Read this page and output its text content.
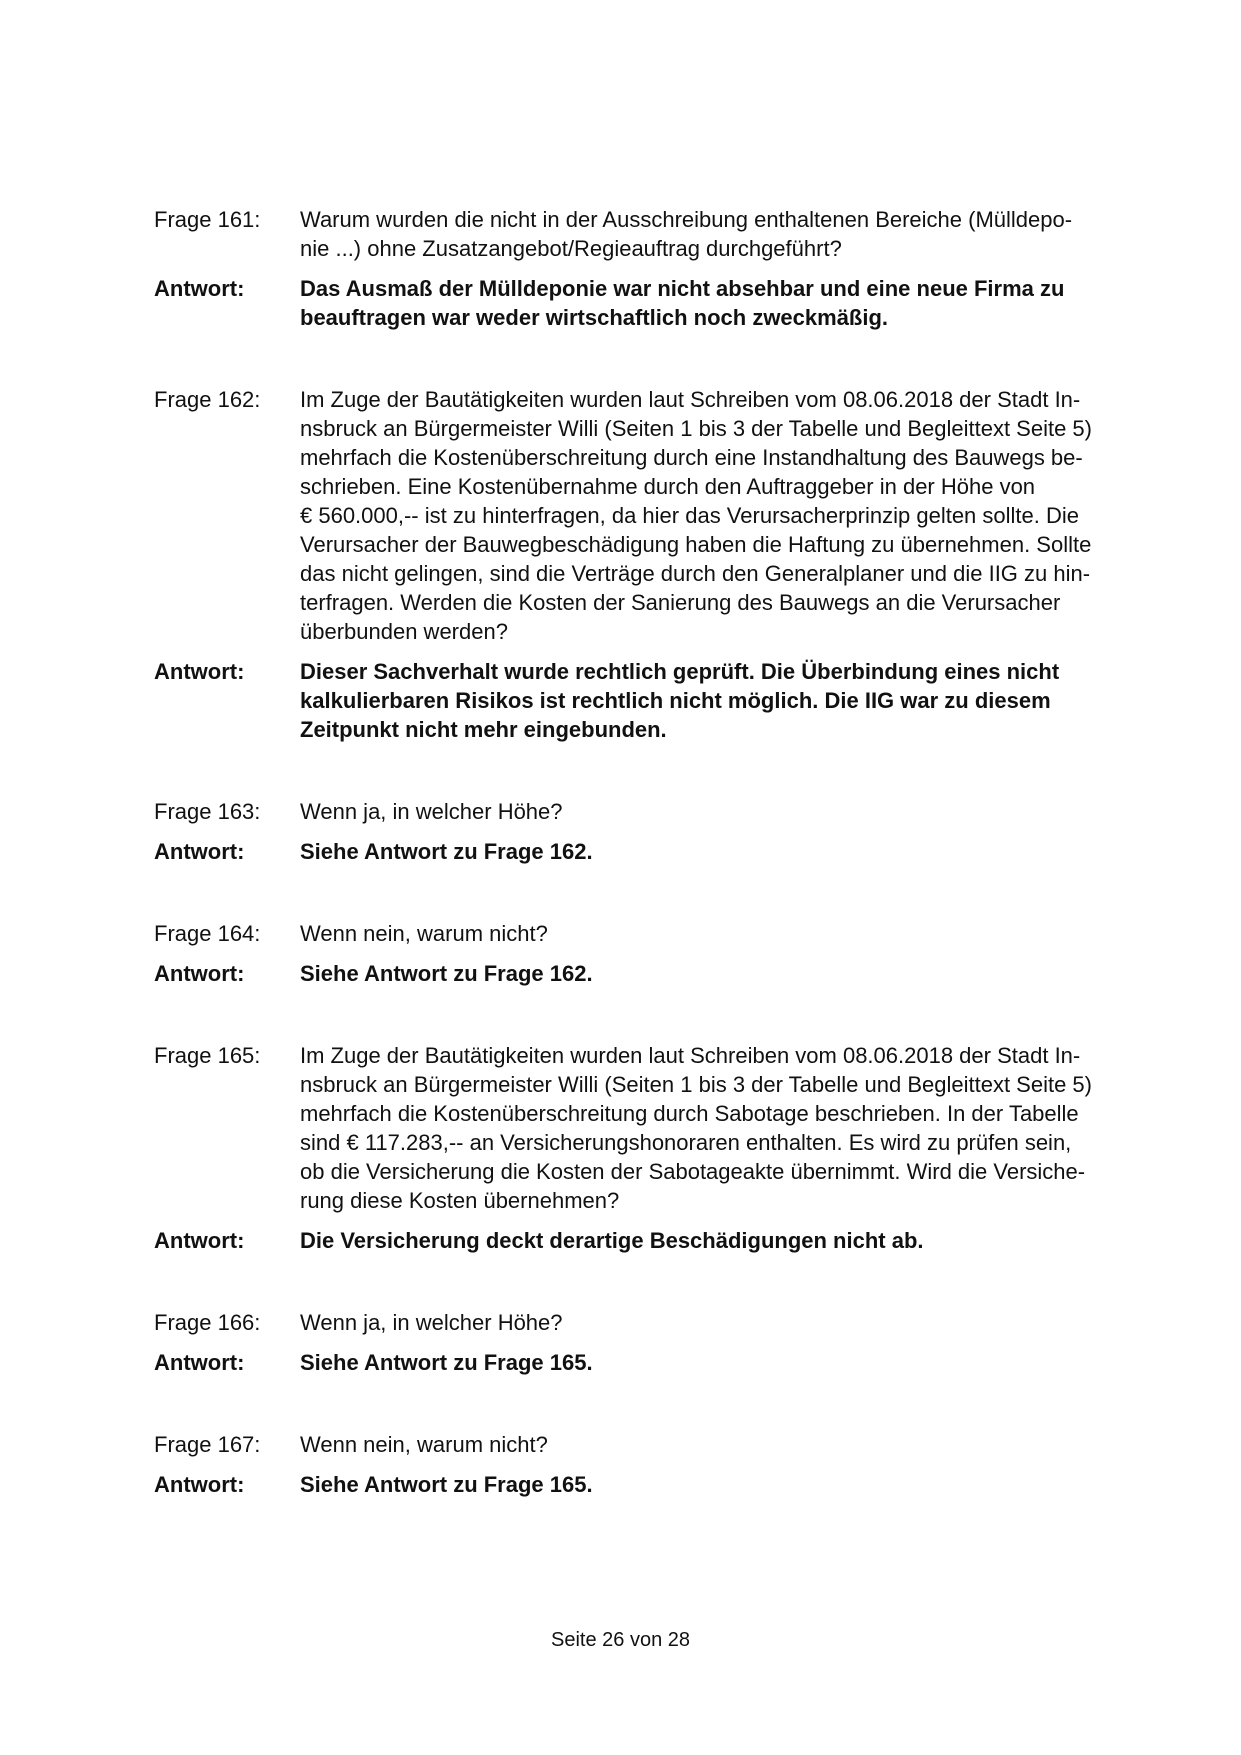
Frage 161:	Warum wurden die nicht in der Ausschreibung enthaltenen Bereiche (Mülldepo-
nie ...) ohne Zusatzangebot/Regieauftrag durchgeführt?
Antwort:	Das Ausmaß der Mülldeponie war nicht absehbar und eine neue Firma zu
beauftragen war weder wirtschaftlich noch zweckmäßig.
Frage 162:	Im Zuge der Bautätigkeiten wurden laut Schreiben vom 08.06.2018 der Stadt In-
nsbruck an Bürgermeister Willi (Seiten 1 bis 3 der Tabelle und Begleittext Seite 5)
mehrfach die Kostenüberschreitung durch eine Instandhaltung des Bauwegs be-
schrieben. Eine Kostenübernahme durch den Auftraggeber in der Höhe von
€ 560.000,-- ist zu hinterfragen, da hier das Verursacherprinzip gelten sollte. Die
Verursacher der Bauwegbeschädigung haben die Haftung zu übernehmen. Sollte
das nicht gelingen, sind die Verträge durch den Generalplaner und die IIG zu hin-
terfragen. Werden die Kosten der Sanierung des Bauwegs an die Verursacher
überbunden werden?
Antwort:	Dieser Sachverhalt wurde rechtlich geprüft. Die Überbindung eines nicht
kalkulierbaren Risikos ist rechtlich nicht möglich. Die IIG war zu diesem
Zeitpunkt nicht mehr eingebunden.
Frage 163:	Wenn ja, in welcher Höhe?
Antwort:	Siehe Antwort zu Frage 162.
Frage 164:	Wenn nein, warum nicht?
Antwort:	Siehe Antwort zu Frage 162.
Frage 165:	Im Zuge der Bautätigkeiten wurden laut Schreiben vom 08.06.2018 der Stadt In-
nsbruck an Bürgermeister Willi (Seiten 1 bis 3 der Tabelle und Begleittext Seite 5)
mehrfach die Kostenüberschreitung durch Sabotage beschrieben. In der Tabelle
sind € 117.283,-- an Versicherungshonoraren enthalten. Es wird zu prüfen sein,
ob die Versicherung die Kosten der Sabotageakte übernimmt. Wird die Versiche-
rung diese Kosten übernehmen?
Antwort:	Die Versicherung deckt derartige Beschädigungen nicht ab.
Frage 166:	Wenn ja, in welcher Höhe?
Antwort:	Siehe Antwort zu Frage 165.
Frage 167:	Wenn nein, warum nicht?
Antwort:	Siehe Antwort zu Frage 165.
Seite 26 von 28
